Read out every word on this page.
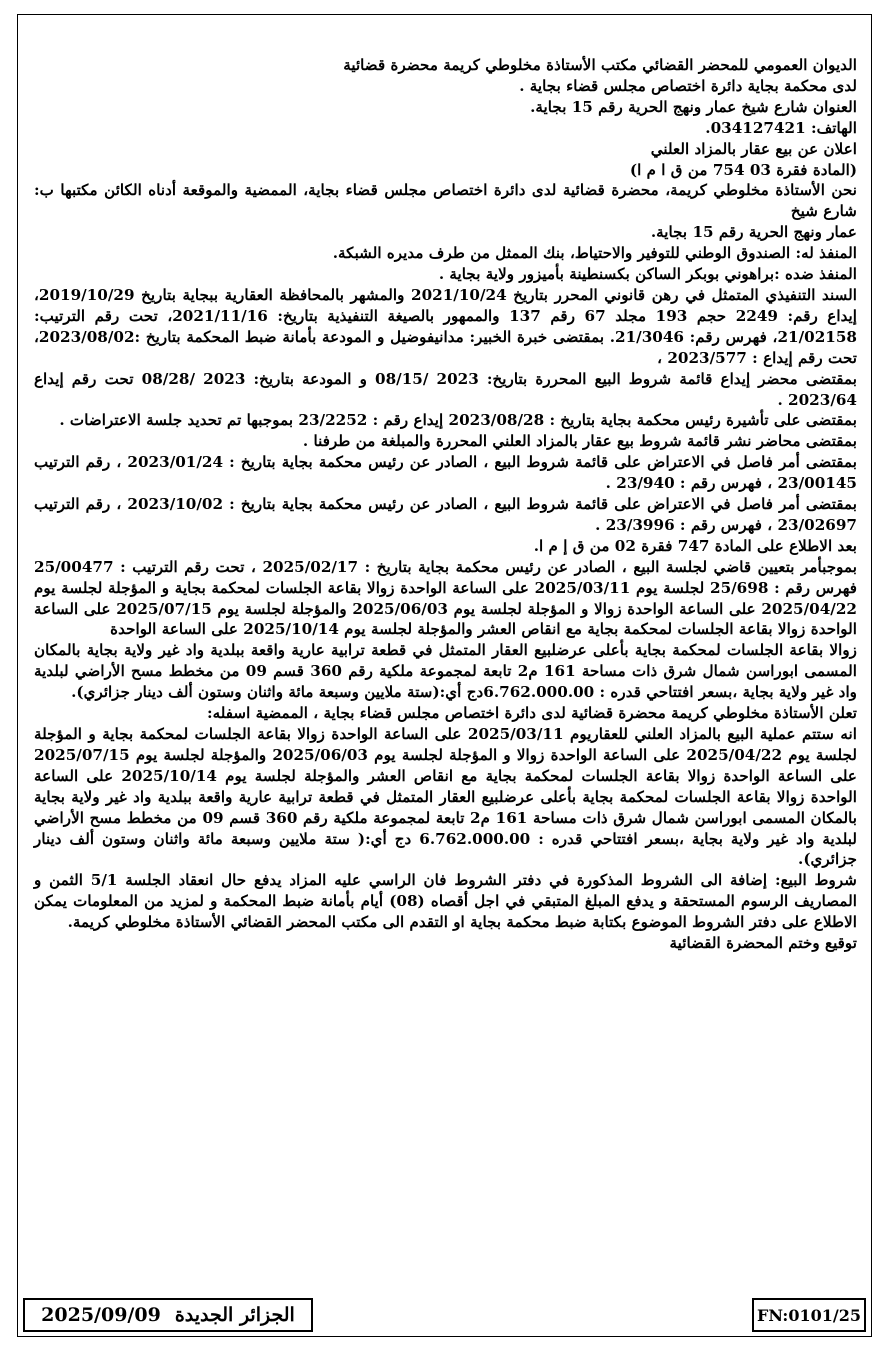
الديوان العمومي للمحضر القضائي مكتب الأستاذة مخلوطي كريمة محضرة قضائية

لدى محكمة بجاية دائرة اختصاص مجلس قضاء بجاية .

العنوان شارع شيخ عمار ونهج الحرية رقم 15 بجاية.

الهاتف: 034127421.

اعلان عن بيع عقار بالمزاد العلني

(المادة فقرة 03 754 من ق ا م ا)

نحن الأستاذة مخلوطي كريمة، محضرة قضائية لدى دائرة اختصاص مجلس قضاء بجاية، الممضية والموقعة أدناه الكائن مكتبها ب: شارع شيخ

عمار ونهج الحرية رقم 15 بجاية.

المنفذ له: الصندوق الوطني للتوفير والاحتياط، بنك الممثل من طرف مديره الشبكة.

المنفذ ضده :براهوني بوبكر الساكن بكسنطينة بأميزور ولاية بجاية .

السند التنفيذي المتمثل في رهن قانوني المحرر بتاريخ 2021/10/24 والمشهر بالمحافظة العقارية ببجاية بتاريخ 2019/10/29، إيداع رقم: 2249 حجم 193 مجلد 67 رقم 137 والممهور بالصيغة التنفيذية بتاريخ: 2021/11/16، تحت رقم الترتيب: 21/02158، فهرس رقم: 21/3046. بمقتضى خبرة الخبير: مدانيفوضيل و المودعة بأمانة ضبط المحكمة بتاريخ :2023/08/02، تحت رقم إيداع : 2023/577 ،

بمقتضى محضر إيداع قائمة شروط البيع المحررة بتاريخ: 2023 /08/15 و المودعة بتاريخ: 2023 /08/28 تحت رقم إيداع 2023/64 .

بمقتضى على تأشيرة رئيس محكمة بجاية بتاريخ : 2023/08/28 إيداع رقم : 23/2252 بموجبها تم تحديد جلسة الاعتراضات .

بمقتضى محاضر نشر قائمة شروط بيع عقار بالمزاد العلني المحررة والمبلغة من طرفنا .

بمقتضى أمر فاصل في الاعتراض على قائمة شروط البيع ، الصادر عن رئيس محكمة بجاية بتاريخ : 2023/01/24 ، رقم الترتيب 23/00145 ، فهرس رقم : 23/940 .

بمقتضى أمر فاصل في الاعتراض على قائمة شروط البيع ، الصادر عن رئيس محكمة بجاية بتاريخ : 2023/10/02 ، رقم الترتيب 23/02697 ، فهرس رقم : 23/3996 .

بعد الاطلاع على المادة 747 فقرة 02 من ق إ م ا.

بموجبأمر بتعيين قاضي لجلسة البيع ، الصادر عن رئيس محكمة بجاية بتاريخ : 2025/02/17 ، تحت رقم الترتيب : 25/00477 فهرس رقم : 25/698 لجلسة يوم 2025/03/11 على الساعة الواحدة زوالا بقاعة الجلسات لمحكمة بجاية و المؤجلة لجلسة يوم 2025/04/22 على الساعة الواحدة زوالا و المؤجلة لجلسة يوم 2025/06/03 والمؤجلة لجلسة يوم 2025/07/15 على الساعة الواحدة زوالا بقاعة الجلسات لمحكمة بجاية مع انقاص العشر والمؤجلة لجلسة يوم 2025/10/14 على الساعة الواحدة

زوالا بقاعة الجلسات لمحكمة بجاية بأعلى عرضلبيع العقار المتمثل في قطعة ترابية عارية واقعة ببلدية واد غير ولاية بجاية بالمكان المسمى ابوراسن شمال شرق ذات مساحة 161 م2 تابعة لمجموعة ملكية رقم 360 قسم 09 من مخطط مسح الأراضي لبلدية واد غير ولاية بجاية ،بسعر افتتاحي قدره : 6.762.000.00دج أي:(ستة ملايين وسبعة مائة واثنان وستون ألف دينار جزائري).

تعلن الأستاذة مخلوطي كريمة محضرة قضائية لدى دائرة اختصاص مجلس قضاء بجاية ، الممضية اسفله:

انه ستتم عملية البيع بالمزاد العلني للعقاريوم 2025/03/11 على الساعة الواحدة زوالا بقاعة الجلسات لمحكمة بجاية و المؤجلة لجلسة يوم 2025/04/22 على الساعة الواحدة زوالا و المؤجلة لجلسة يوم 2025/06/03 والمؤجلة لجلسة يوم 2025/07/15 على الساعة الواحدة زوالا بقاعة الجلسات لمحكمة بجاية مع انقاص العشر والمؤجلة لجلسة يوم 2025/10/14 على الساعة الواحدة زوالا بقاعة الجلسات لمحكمة بجاية بأعلى عرضلبيع العقار المتمثل في قطعة ترابية عارية واقعة ببلدية واد غير ولاية بجاية بالمكان المسمى ابوراسن شمال شرق ذات مساحة 161 م2 تابعة لمجموعة ملكية رقم 360 قسم 09 من مخطط مسح الأراضي لبلدية واد غير ولاية بجاية ،بسعر افتتاحي قدره : 6.762.000.00 دج أي:( ستة ملايين وسبعة مائة واثنان وستون ألف دينار جزائري).

شروط البيع: إضافة الى الشروط المذكورة في دفتر الشروط فان الراسي عليه المزاد يدفع حال انعقاد الجلسة 5/1 الثمن و المصاريف الرسوم المستحقة و يدفع المبلغ المتبقي في اجل أقصاه (08) أيام بأمانة ضبط المحكمة و لمزيد من المعلومات يمكن الاطلاع على دفتر الشروط الموضوع بكتابة ضبط محكمة بجاية او التقدم الى مكتب المحضر القضائي الأستاذة مخلوطي كريمة.

توقيع وختم المحضرة القضائية

2025/09/09 الجزائر الجديدة	FN:0101/25
